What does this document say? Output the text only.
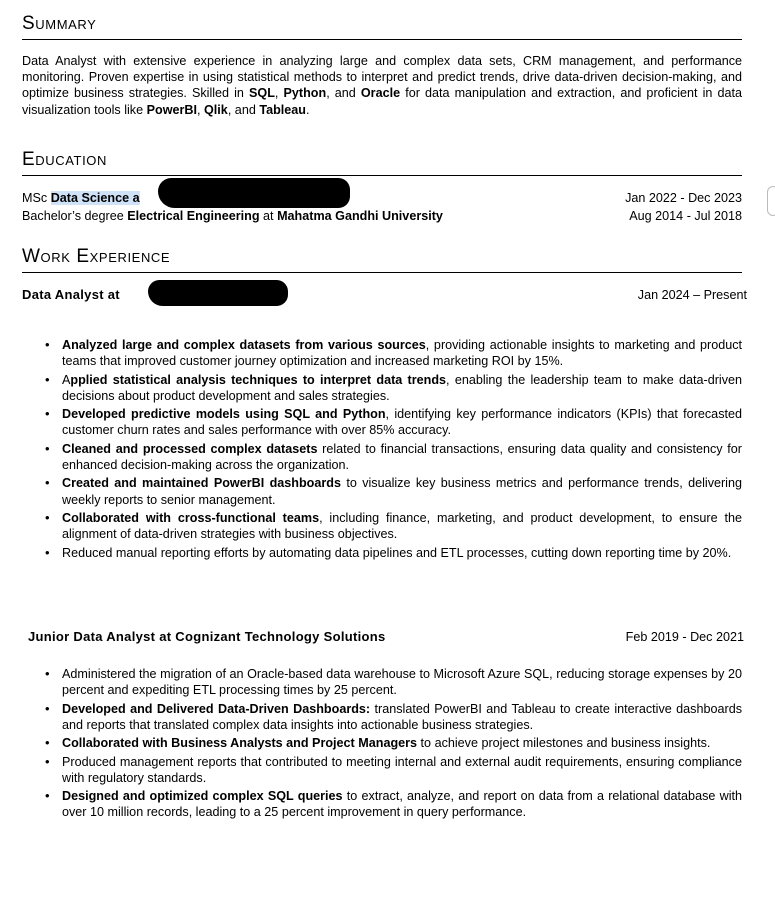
Summary
Data Analyst with extensive experience in analyzing large and complex data sets, CRM management, and performance monitoring. Proven expertise in using statistical methods to interpret and predict trends, drive data-driven decision-making, and optimize business strategies. Skilled in SQL, Python, and Oracle for data manipulation and extraction, and proficient in data visualization tools like PowerBI, Qlik, and Tableau.
Education
MSc Data Science a	Jan 2022 - Dec 2023
Bachelor’s degree Electrical Engineering at Mahatma Gandhi University	Aug 2014 - Jul 2018
Work Experience
Data Analyst at	Jan 2024 – Present
• Analyzed large and complex datasets from various sources, providing actionable insights to marketing and product teams that improved customer journey optimization and increased marketing ROI by 15%.
• Applied statistical analysis techniques to interpret data trends, enabling the leadership team to make data-driven decisions about product development and sales strategies.
• Developed predictive models using SQL and Python, identifying key performance indicators (KPIs) that forecasted customer churn rates and sales performance with over 85% accuracy.
• Cleaned and processed complex datasets related to financial transactions, ensuring data quality and consistency for enhanced decision-making across the organization.
• Created and maintained PowerBI dashboards to visualize key business metrics and performance trends, delivering weekly reports to senior management.
• Collaborated with cross-functional teams, including finance, marketing, and product development, to ensure the alignment of data-driven strategies with business objectives.
• Reduced manual reporting efforts by automating data pipelines and ETL processes, cutting down reporting time by 20%.
Junior Data Analyst at Cognizant Technology Solutions	Feb 2019 - Dec 2021
• Administered the migration of an Oracle-based data warehouse to Microsoft Azure SQL, reducing storage expenses by 20 percent and expediting ETL processing times by 25 percent.
• Developed and Delivered Data-Driven Dashboards: translated PowerBI and Tableau to create interactive dashboards and reports that translated complex data insights into actionable business strategies.
• Collaborated with Business Analysts and Project Managers to achieve project milestones and business insights.
• Produced management reports that contributed to meeting internal and external audit requirements, ensuring compliance with regulatory standards.
• Designed and optimized complex SQL queries to extract, analyze, and report on data from a relational database with over 10 million records, leading to a 25 percent improvement in query performance.
